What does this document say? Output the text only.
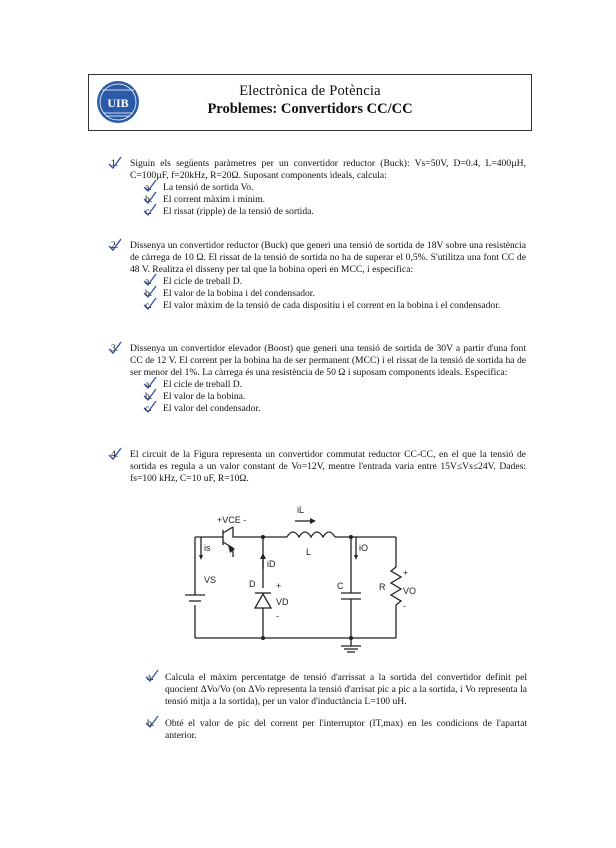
UIB
Electrònica de Potència
Problemes: Convertidors CC/CC
1.	Siguin els següents paràmetres per un convertidor reductor (Buck): Vs=50V, D=0.4, L=400µH, C=100µF, f=20kHz, R=20Ω. Suposant components ideals, calcula:
a. La tensió de sortida Vo.
b. El corrent màxim i mínim.
c. El rissat (ripple) de la tensió de sortida.
2.	Dissenya un convertidor reductor (Buck) que generi una tensió de sortida de 18V sobre una resistència de càrrega de 10 Ω. El rissat de la tensió de sortida no ha de superar el 0,5%. S'utilitza una font CC de 48 V. Realitza el disseny per tal que la bobina operi en MCC, i especifica:
a. El cicle de treball D.
b. El valor de la bobina i del condensador.
c. El valor màxim de la tensió de cada dispositiu i el corrent en la bobina i el condensador.
3.	Dissenya un convertidor elevador (Boost) que generi una tensió de sortida de 30V a partir d'una font CC de 12 V. El corrent per la bobina ha de ser permanent (MCC) i el rissat de la tensió de sortida ha de ser menor del 1%. La càrrega és una resistència de 50 Ω i suposam components ideals. Especifica:
a. El cicle de treball D.
b. El valor de la bobina.
c. El valor del condensador.
4.	El circuit de la Figura representa un convertidor commutat reductor CC-CC, en el que la tensió de sortida es regula a un valor constant de Vo=12V, mentre l'entrada varia entre 15V≤Vs≤24V. Dades: fs=100 kHz, C=10 uF, R=10Ω.
+VCE -
is
iL
L	iO
iD
D +
VD
-
VS
C	R
+
VO
-
a. Calcula el màxim percentatge de tensió d'arrissat a la sortida del convertidor definit pel quocient ΔVo/Vo (on ΔVo representa la tensió d'arrisat pic a pic a la sortida, i Vo representa la tensió mitja a la sortida), per un valor d'inductància L=100 uH.
b. Obté el valor de pic del corrent per l'interruptor (IT,max) en les condicions de l'apartat anterior.
